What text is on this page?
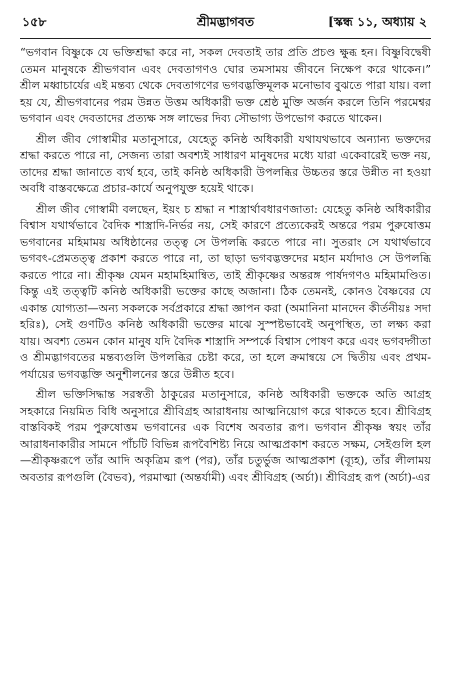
১৫৮	শ্রীমদ্ভাগবত	[স্কন্ধ ১১, অধ্যায় ২

“ভগবান বিষ্ণুকে যে ভক্তিশ্রদ্ধা করে না, সকল দেবতাই তার প্রতি প্রচণ্ড ক্ষুব্ধ হন। বিষ্ণুবিদ্বেষী তেমন মানুষকে শ্রীভগবান এবং দেবতাগণও ঘোর তমসাময় জীবনে নিক্ষেপ করে থাকেন।” শ্রীল মধ্বাচার্যের এই মন্তব্য থেকে দেবতাগণের ভগবদ্ভক্তিমূলক মনোভাব বুঝতে পারা যায়। বলা হয় যে, শ্রীভগবানের পরম উন্নত উত্তম অধিকারী ভক্ত শ্রেষ্ঠ মুক্তি অর্জন করলে তিনি পরমেশ্বর ভগবান এবং দেবতাদের প্রত্যক্ষ সঙ্গ লাভের দিব্য সৌভাগ্য উপভোগ করতে থাকেন।

শ্রীল জীব গোস্বামীর মতানুসারে, যেহেতু কনিষ্ঠ অধিকারী যথাযথভাবে অন্যান্য ভক্তদের শ্রদ্ধা করতে পারে না, সেজন্য তারা অবশ্যই সাধারণ মানুষদের মধ্যে যারা একেবারেই ভক্ত নয়, তাদের শ্রদ্ধা জানাতে ব্যর্থ হবে, তাই কনিষ্ঠ অধিকারী উপলব্ধির উচ্চতর স্তরে উন্নীত না হওয়া অবধি বাস্তবক্ষেত্রে প্রচার-কার্যে অনুপযুক্ত হয়েই থাকে।

শ্রীল জীব গোস্বামী বলছেন, ইয়ং চ শ্রদ্ধা ন শাস্ত্রার্থাবধারণজাতা: যেহেতু কনিষ্ঠ অধিকারীর বিশ্বাস যথার্থভাবে বৈদিক শাস্ত্রাদি-নির্ভর নয়, সেই কারণে প্রত্যেকেরই অন্তরে পরম পুরুষোত্তম ভগবানের মহিমাময় অধিষ্ঠানের তত্ত্ব সে উপলব্ধি করতে পারে না। সুতরাং সে যথার্থভাবে ভগবৎ-প্রেমতত্ত্ব প্রকাশ করতে পারে না, তা ছাড়া ভগবদ্ভক্তদের মহান মর্যাদাও সে উপলব্ধি করতে পারে না। শ্রীকৃষ্ণ যেমন মহামহিমান্বিত, তাই শ্রীকৃষ্ণের অন্তরঙ্গ পার্ষদগণও মহিমামণ্ডিত। কিন্তু এই তত্ত্বটি কনিষ্ঠ অধিকারী ভক্তের কাছে অজানা। ঠিক তেমনই, কোনও বৈষ্ণবের যে একান্ত যোগ্যতা—অন্য সকলকে সর্বপ্রকারে শ্রদ্ধা জ্ঞাপন করা (অমানিনা মানদেন কীর্তনীয়ঃ সদা হরিঃ), সেই গুণটিও কনিষ্ঠ অধিকারী ভক্তের মাঝে সুস্পষ্টভাবেই অনুপস্থিত, তা লক্ষ্য করা যায়। অবশ্য তেমন কোন মানুষ যদি বৈদিক শাস্ত্রাদি সম্পর্কে বিশ্বাস পোষণ করে এবং ভগবদ্গীতা ও শ্রীমদ্ভাগবতের মন্তব্যগুলি উপলব্ধির চেষ্টা করে, তা হলে ক্রমান্বয়ে সে দ্বিতীয় এবং প্রথম-পর্যায়ের ভগবদ্ভক্তি অনুশীলনের স্তরে উন্নীত হবে।

শ্রীল ভক্তিসিদ্ধান্ত সরস্বতী ঠাকুরের মতানুসারে, কনিষ্ঠ অধিকারী ভক্তকে অতি আগ্রহ সহকারে নিয়মিত বিধি অনুসারে শ্রীবিগ্রহ আরাধনায় আত্মনিয়োগ করে থাকতে হবে। শ্রীবিগ্রহ বাস্তবিকই পরম পুরুষোত্তম ভগবানের এক বিশেষ অবতার রূপ। ভগবান শ্রীকৃষ্ণ স্বয়ং তাঁর আরাধনাকারীর সামনে পাঁচটি বিভিন্ন রূপবৈশিষ্ট্য নিয়ে আত্মপ্রকাশ করতে সক্ষম, সেইগুলি হল—শ্রীকৃষ্ণরূপে তাঁর আদি অকৃত্রিম রূপ (পর), তাঁর চতুর্ভুজ আত্মপ্রকাশ (ব্যূহ), তাঁর লীলাময় অবতার রূপগুলি (বৈভব), পরমাত্মা (অন্তর্যামী) এবং শ্রীবিগ্রহ (অর্চা)। শ্রীবিগ্রহ রূপ (অর্চা)-এর
